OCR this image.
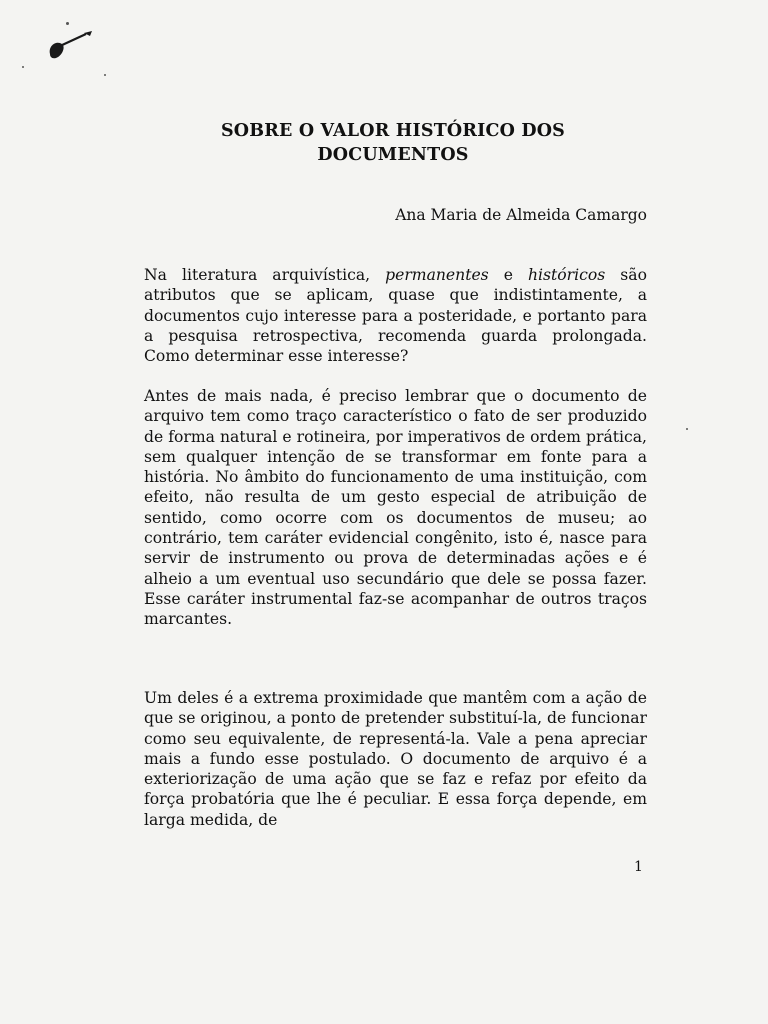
SOBRE O VALOR HISTÓRICO DOS
DOCUMENTOS
Ana Maria de Almeida Camargo

Na literatura arquivística, permanentes e históricos são atributos que se aplicam, quase que indistintamente, a documentos cujo interesse para a posteridade, e portanto para a pesquisa retrospectiva, recomenda guarda prolongada. Como determinar esse interesse?

Antes de mais nada, é preciso lembrar que o documento de arquivo tem como traço característico o fato de ser produzido de forma natural e rotineira, por imperativos de ordem prática, sem qualquer intenção de se transformar em fonte para a história. No âmbito do funcionamento de uma instituição, com efeito, não resulta de um gesto especial de atribuição de sentido, como ocorre com os documentos de museu; ao contrário, tem caráter evidencial congênito, isto é, nasce para servir de instrumento ou prova de determinadas ações e é alheio a um eventual uso secundário que dele se possa fazer. Esse caráter instrumental faz-se acompanhar de outros traços marcantes.

Um deles é a extrema proximidade que mantêm com a ação de que se originou, a ponto de pretender substituí-la, de funcionar como seu equivalente, de representá-la. Vale a pena apreciar mais a fundo esse postulado. O documento de arquivo é a exteriorização de uma ação que se faz e refaz por efeito da força probatória que lhe é peculiar. E essa força depende, em larga medida, de

1
